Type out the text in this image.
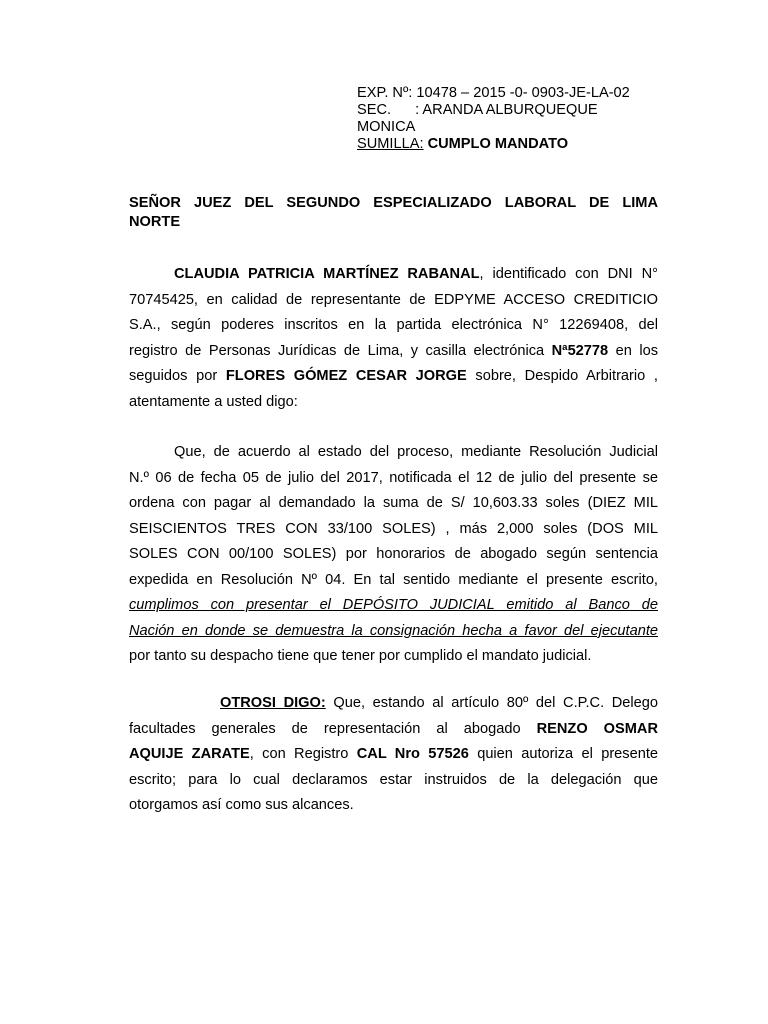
EXP. Nº: 10478 – 2015 -0- 0903-JE-LA-02
SEC. : ARANDA ALBURQUEQUE
MONICA
SUMILLA: CUMPLO MANDATO
SEÑOR JUEZ DEL SEGUNDO ESPECIALIZADO LABORAL DE LIMA
NORTE
CLAUDIA PATRICIA MARTÍNEZ RABANAL, identificado con DNI N°
70745425, en calidad de representante de EDPYME ACCESO CREDITICIO
S.A., según poderes inscritos en la partida electrónica N° 12269408, del
registro de Personas Jurídicas de Lima, y casilla electrónica Nª52778 en los
seguidos por FLORES GÓMEZ CESAR JORGE sobre, Despido Arbitrario ,
atentamente a usted digo:
Que, de acuerdo al estado del proceso, mediante Resolución Judicial
N.º 06 de fecha 05 de julio del 2017, notificada el 12 de julio del presente se
ordena con pagar al demandado la suma de S/ 10,603.33 soles (DIEZ MIL
SEISCIENTOS TRES CON 33/100 SOLES) , más 2,000 soles (DOS MIL
SOLES CON 00/100 SOLES) por honorarios de abogado según sentencia
expedida en Resolución Nº 04. En tal sentido mediante el presente escrito,
cumplimos con presentar el DEPÓSITO JUDICIAL emitido al Banco de
Nación en donde se demuestra la consignación hecha a favor del ejecutante
por tanto su despacho tiene que tener por cumplido el mandato judicial.
OTROSI DIGO: Que, estando al artículo 80º del C.P.C. Delego
facultades generales de representación al abogado RENZO OSMAR
AQUIJE ZARATE, con Registro CAL Nro 57526 quien autoriza el presente
escrito; para lo cual declaramos estar instruidos de la delegación que
otorgamos así como sus alcances.
